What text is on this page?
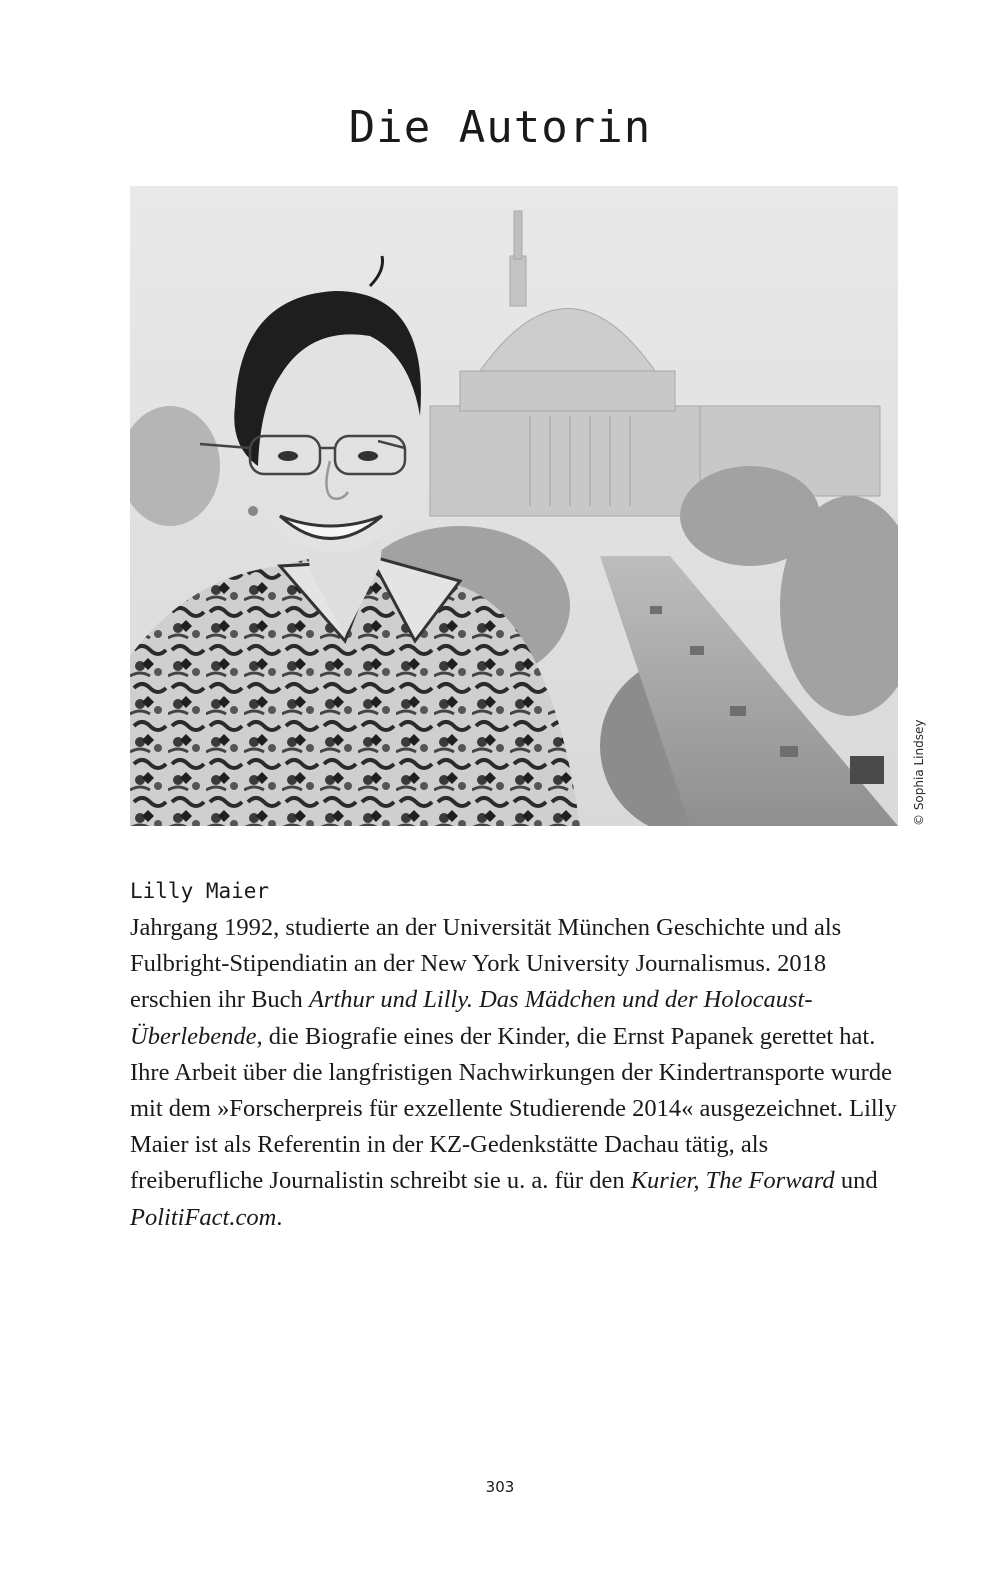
Die Autorin
© Sophia Lindsey
Lilly Maier

Jahrgang 1992, studierte an der Universität München Geschichte und als Fulbright-Stipendiatin an der New York University Journalismus. 2018 erschien ihr Buch Arthur und Lilly. Das Mädchen und der Holocaust-Überlebende, die Biografie eines der Kinder, die Ernst Papanek gerettet hat. Ihre Arbeit über die langfristigen Nachwirkungen der Kindertransporte wurde mit dem »Forscherpreis für exzellente Studierende 2014« ausgezeichnet. Lilly Maier ist als Referentin in der KZ-Gedenkstätte Dachau tätig, als freiberufliche Journalistin schreibt sie u. a. für den Kurier, The Forward und PolitiFact.com.

303
